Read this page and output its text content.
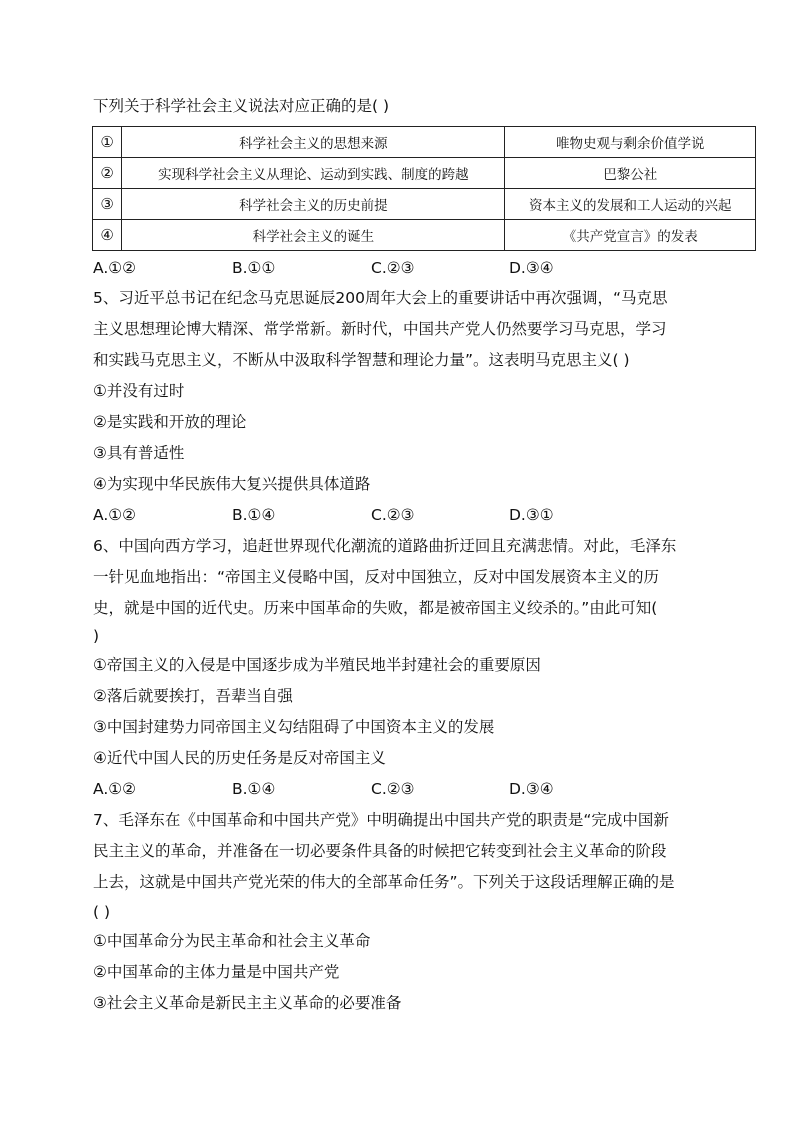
下列关于科学社会主义说法对应正确的是( )
①	科学社会主义的思想来源	唯物史观与剩余价值学说
②	实现科学社会主义从理论、运动到实践、制度的跨越	巴黎公社
③	科学社会主义的历史前提	资本主义的发展和工人运动的兴起
④	科学社会主义的诞生	《共产党宣言》的发表
A.①②	B.①①	C.②③	D.③④
5、习近平总书记在纪念马克思诞辰200周年大会上的重要讲话中再次强调，“马克思
主义思想理论博大精深、常学常新。新时代，中国共产党人仍然要学习马克思，学习
和实践马克思主义，不断从中汲取科学智慧和理论力量”。这表明马克思主义( )
①并没有过时
②是实践和开放的理论
③具有普适性
④为实现中华民族伟大复兴提供具体道路
A.①②	B.①④	C.②③	D.③①
6、中国向西方学习，追赶世界现代化潮流的道路曲折迂回且充满悲情。对此，毛泽东
一针见血地指出：“帝国主义侵略中国，反对中国独立，反对中国发展资本主义的历
史，就是中国的近代史。历来中国革命的失败，都是被帝国主义绞杀的。”由此可知(
)
①帝国主义的入侵是中国逐步成为半殖民地半封建社会的重要原因
②落后就要挨打，吾辈当自强
③中国封建势力同帝国主义勾结阻碍了中国资本主义的发展
④近代中国人民的历史任务是反对帝国主义
A.①②	B.①④	C.②③	D.③④
7、毛泽东在《中国革命和中国共产党》中明确提出中国共产党的职责是“完成中国新
民主主义的革命，并准备在一切必要条件具备的时候把它转变到社会主义革命的阶段
上去，这就是中国共产党光荣的伟大的全部革命任务”。下列关于这段话理解正确的是
( )
①中国革命分为民主革命和社会主义革命
②中国革命的主体力量是中国共产党
③社会主义革命是新民主主义革命的必要准备
